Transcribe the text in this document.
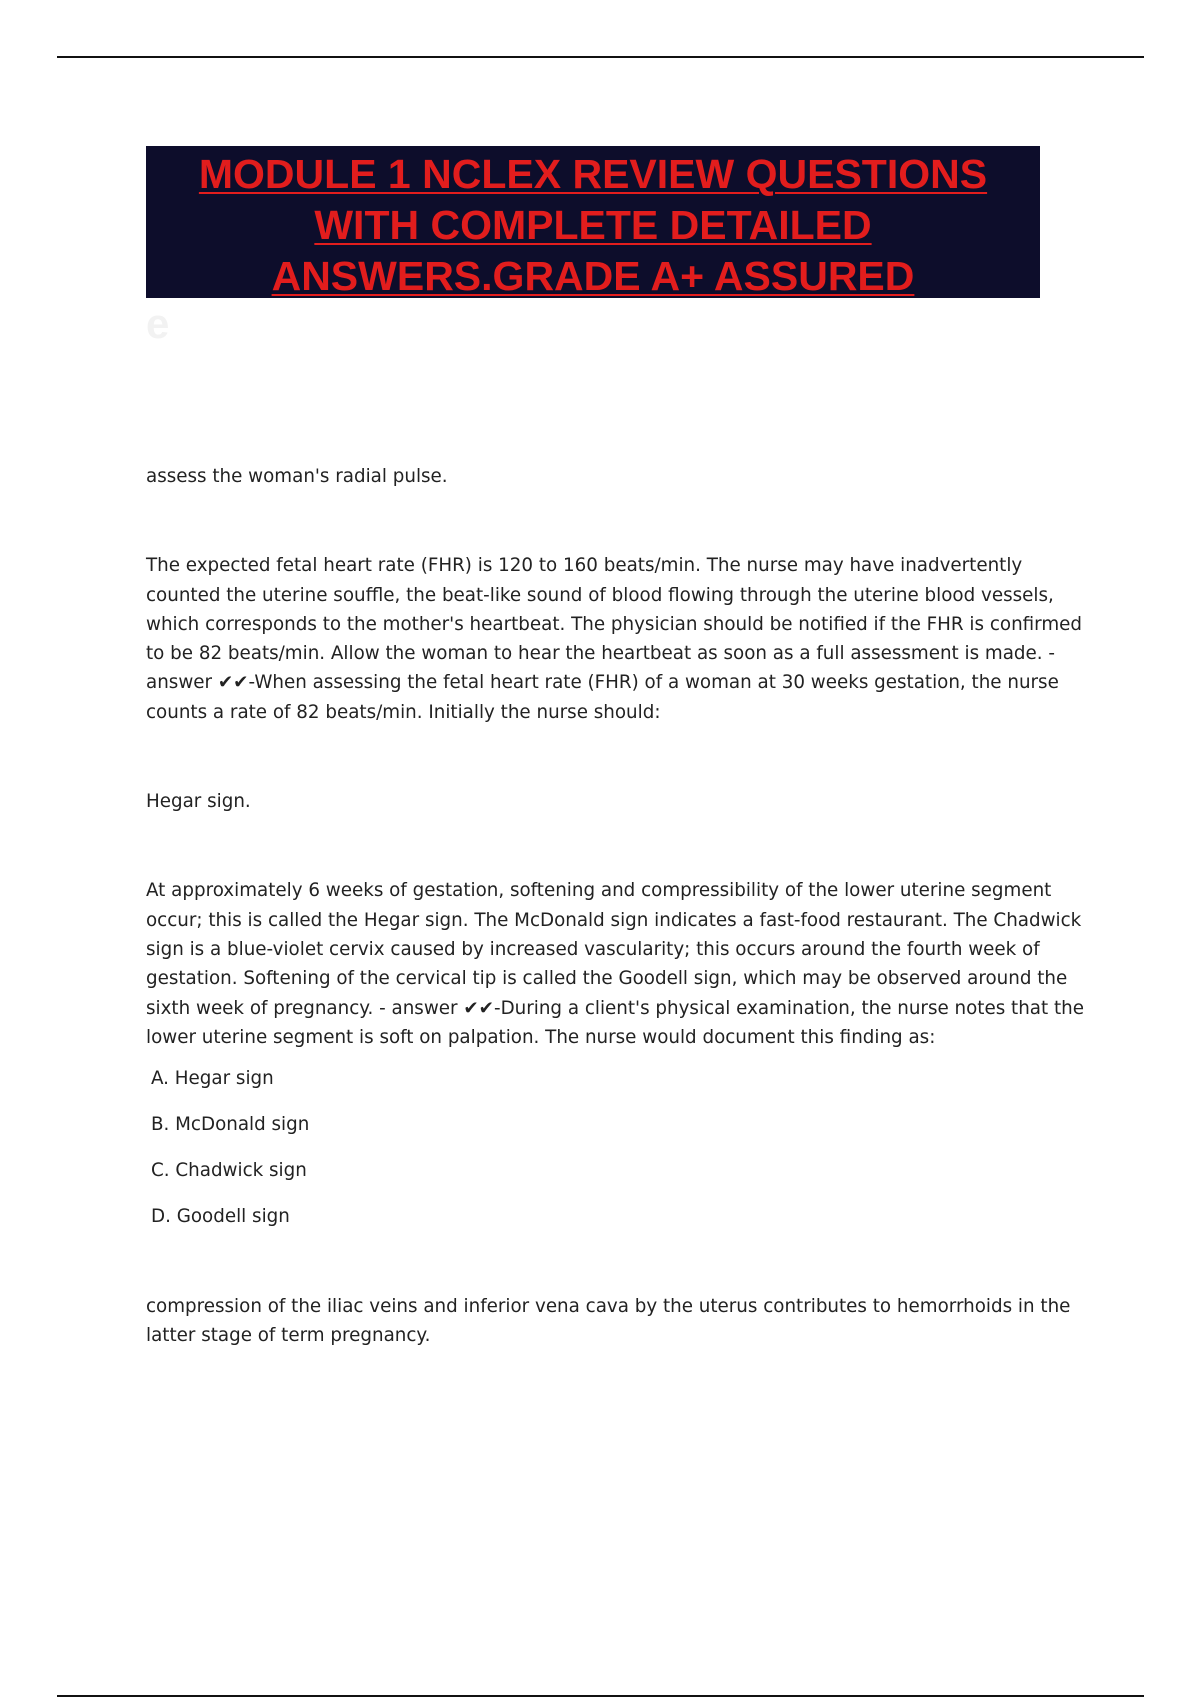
MODULE 1 NCLEX REVIEW QUESTIONS
WITH COMPLETE DETAILED
ANSWERS.GRADE A+ ASSURED
e

assess the woman's radial pulse.

The expected fetal heart rate (FHR) is 120 to 160 beats/min. The nurse may have inadvertently counted the uterine souffle, the beat-like sound of blood flowing through the uterine blood vessels, which corresponds to the mother's heartbeat. The physician should be notified if the FHR is confirmed to be 82 beats/min. Allow the woman to hear the heartbeat as soon as a full assessment is made. - answer ✔✔-When assessing the fetal heart rate (FHR) of a woman at 30 weeks gestation, the nurse counts a rate of 82 beats/min. Initially the nurse should:

Hegar sign.

At approximately 6 weeks of gestation, softening and compressibility of the lower uterine segment occur; this is called the Hegar sign. The McDonald sign indicates a fast-food restaurant. The Chadwick sign is a blue-violet cervix caused by increased vascularity; this occurs around the fourth week of gestation. Softening of the cervical tip is called the Goodell sign, which may be observed around the sixth week of pregnancy. - answer ✔✔-During a client's physical examination, the nurse notes that the lower uterine segment is soft on palpation. The nurse would document this finding as:

A. Hegar sign
B. McDonald sign
C. Chadwick sign
D. Goodell sign

compression of the iliac veins and inferior vena cava by the uterus contributes to hemorrhoids in the latter stage of term pregnancy.
